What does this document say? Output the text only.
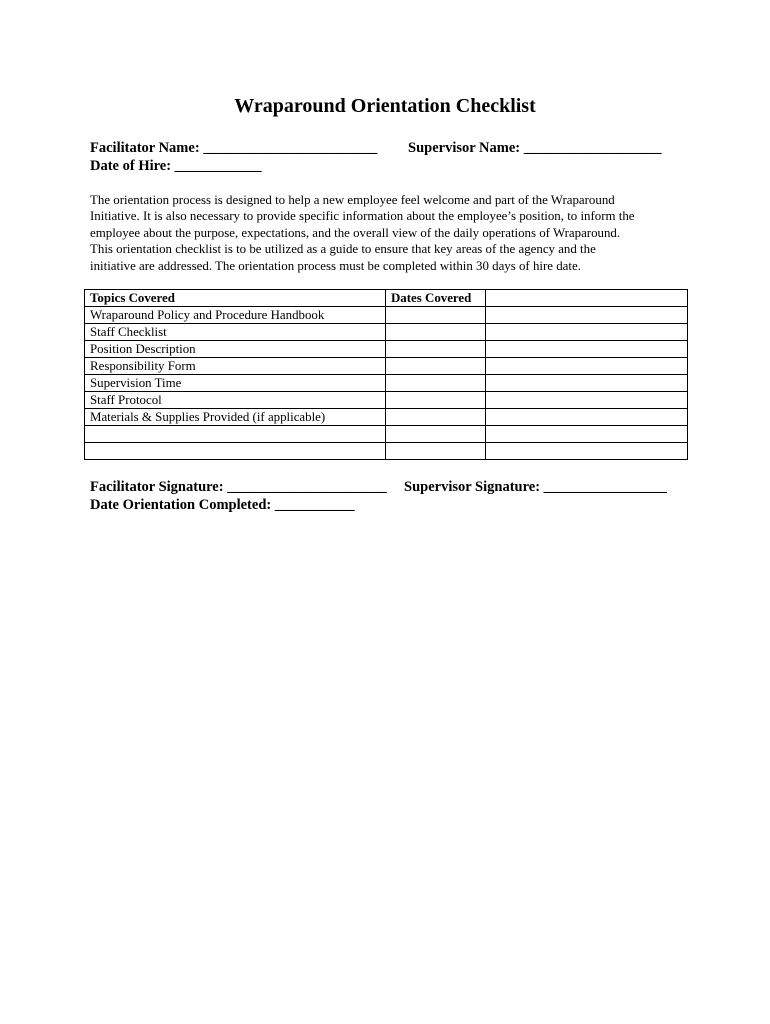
Wraparound Orientation Checklist
Facilitator Name: ________________________ Supervisor Name: ___________________
Date of Hire: ____________
The orientation process is designed to help a new employee feel welcome and part of the Wraparound
Initiative. It is also necessary to provide specific information about the employee’s position, to inform the
employee about the purpose, expectations, and the overall view of the daily operations of Wraparound.
This orientation checklist is to be utilized as a guide to ensure that key areas of the agency and the
initiative are addressed. The orientation process must be completed within 30 days of hire date.
Topics Covered	Dates Covered	
Wraparound Policy and Procedure Handbook		
Staff Checklist		
Position Description		
Responsibility Form		
Supervision Time		
Staff Protocol		
Materials & Supplies Provided (if applicable)		

Facilitator Signature: ______________________ Supervisor Signature: _________________
Date Orientation Completed: ___________
